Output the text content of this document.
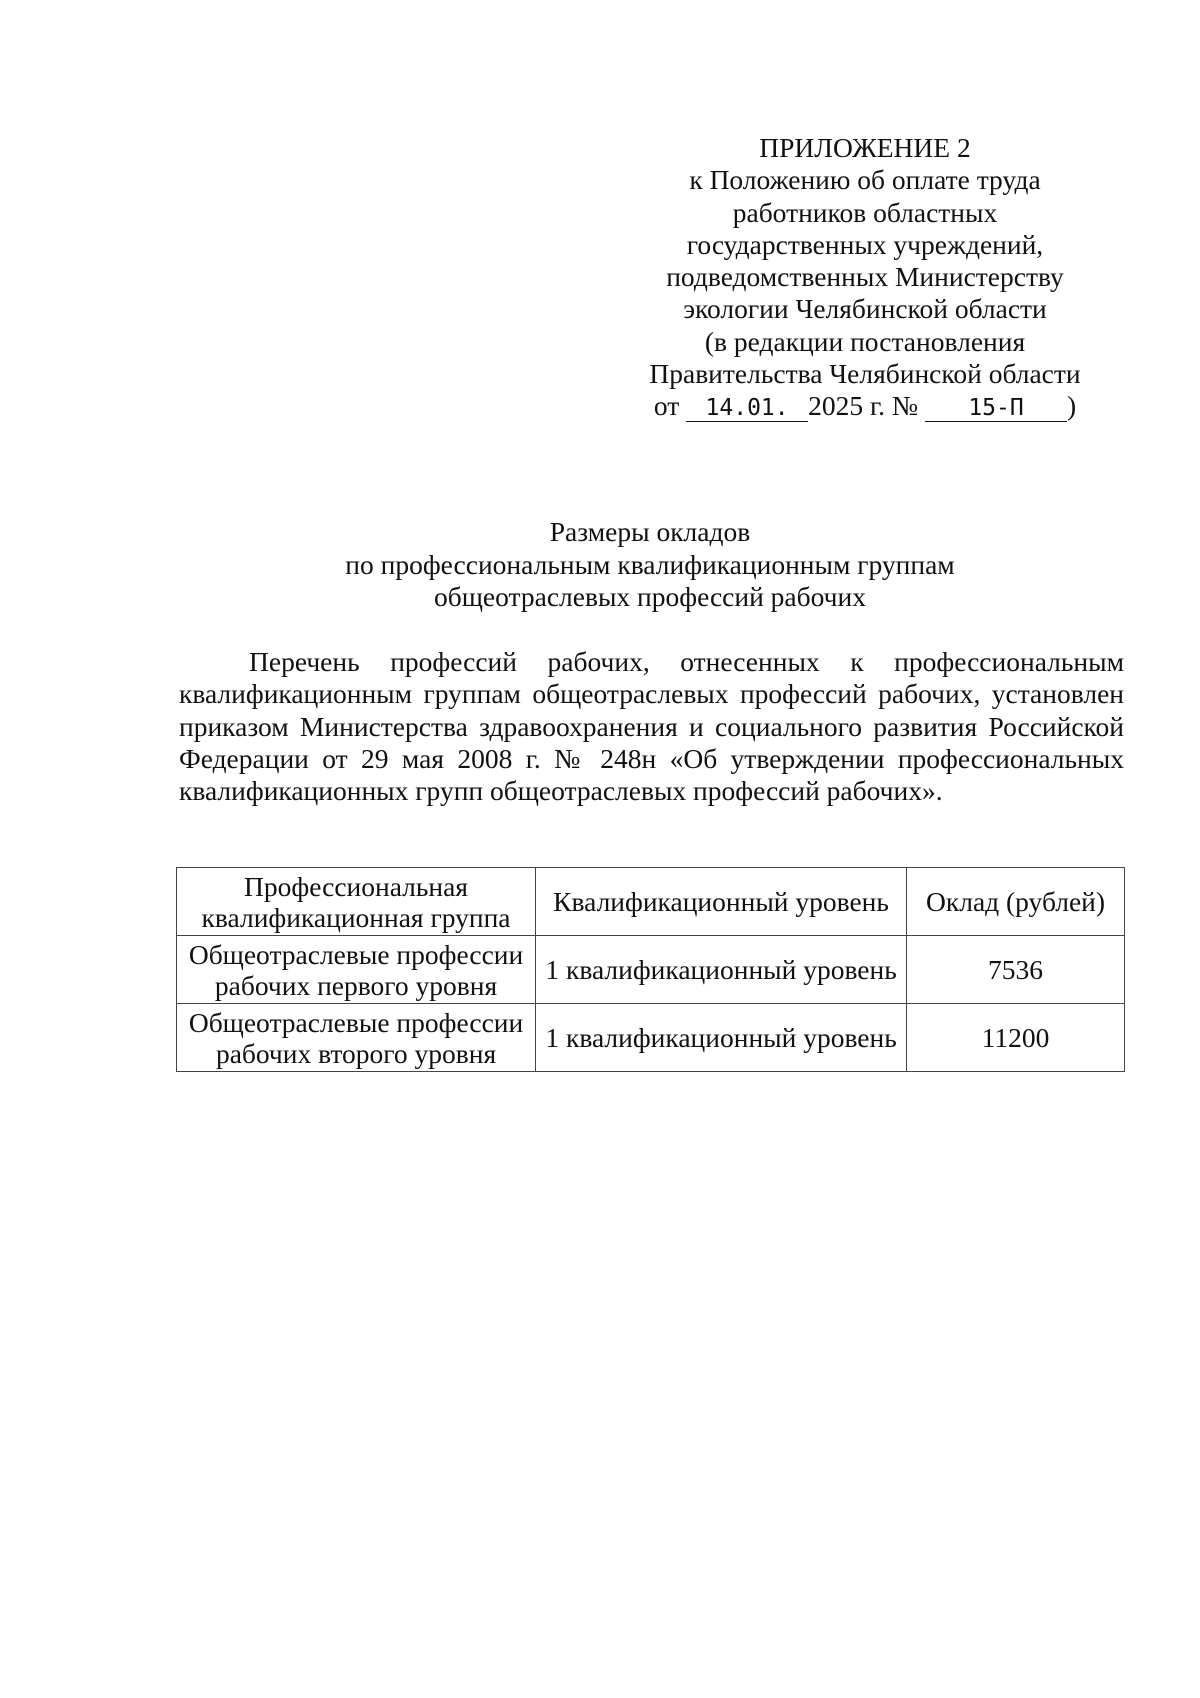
ПРИЛОЖЕНИЕ 2
к Положению об оплате труда
работников областных
государственных учреждений,
подведомственных Министерству
экологии Челябинской области
(в редакции постановления
Правительства Челябинской области
от 14.01. 2025 г. № 15-П )
Размеры окладов
по профессиональным квалификационным группам
общеотраслевых профессий рабочих
Перечень профессий рабочих, отнесенных к профессиональным квалификационным группам общеотраслевых профессий рабочих, установлен приказом Министерства здравоохранения и социального развития Российской Федерации от 29 мая 2008 г. № 248н «Об утверждении профессиональных квалификационных групп общеотраслевых профессий рабочих».
Профессиональная
квалификационная группа	Квалификационный уровень	Оклад (рублей)
Общеотраслевые профессии
рабочих первого уровня	1 квалификационный уровень	7536
Общеотраслевые профессии
рабочих второго уровня	1 квалификационный уровень	11200
